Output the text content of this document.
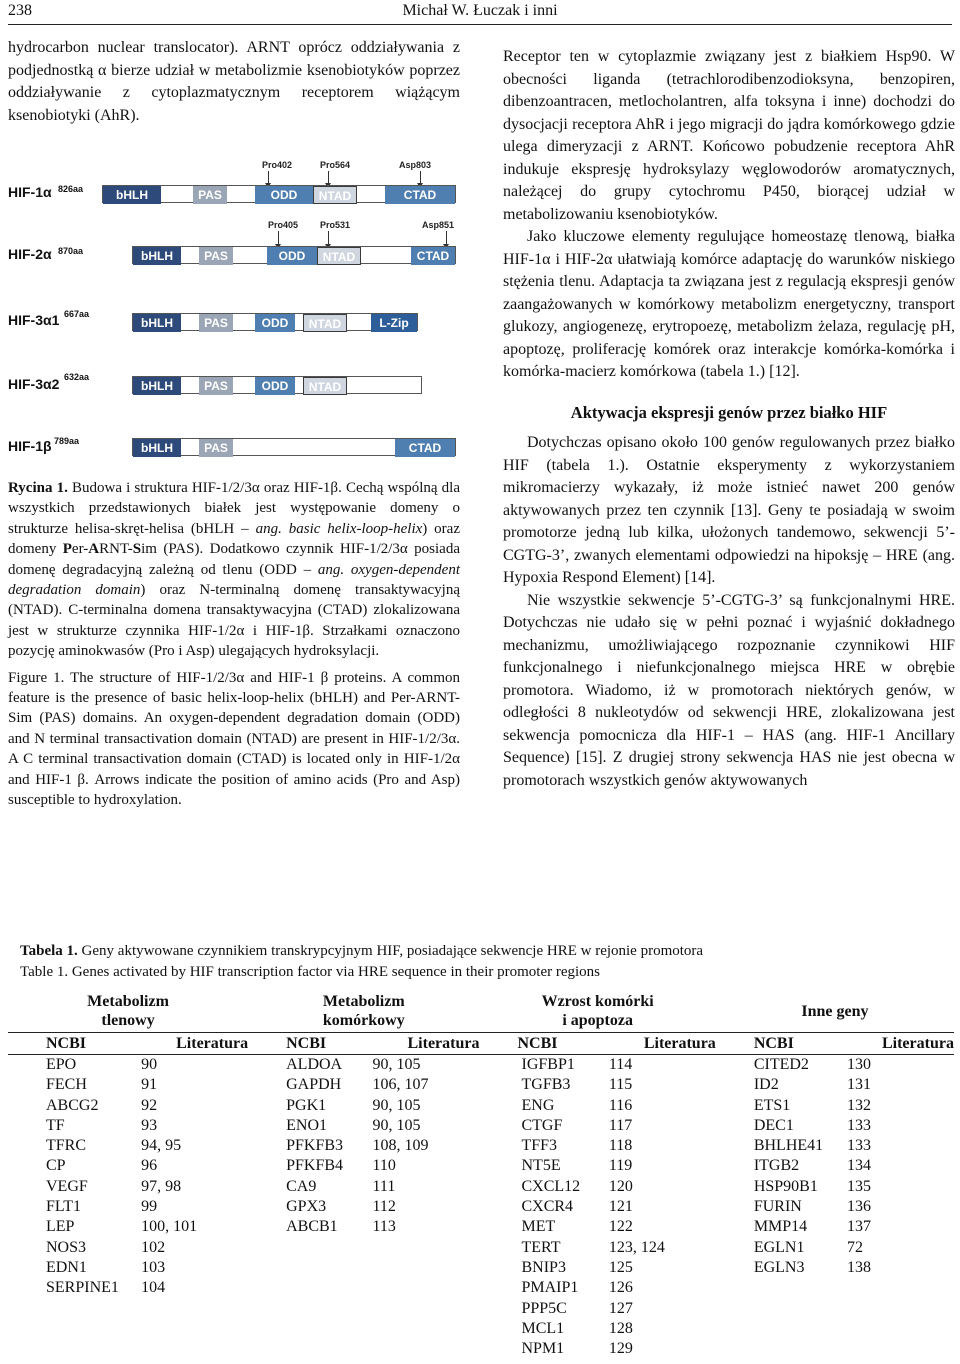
238	Michał W. Łuczak i inni

hydrocarbon nuclear translocator). ARNT oprócz oddziaływania z podjednostką α bierze udział w metabolizmie ksenobiotyków poprzez oddziaływanie z cytoplazmatycznym receptorem wiążącym ksenobiotyki (AhR).

Pro402	Pro564	Asp803
HIF-1α 826aa	bHLH	PAS	ODD	NTAD	CTAD
Pro405 Pro531	Asp851
HIF-2α 870aa	bHLH	PAS	ODD	NTAD	CTAD
HIF-3α1 667aa
bHLH	PAS	ODD	NTAD	L-Zip
HIF-3α2 632aa
bHLH	PAS	ODD	NTAD
HIF-1β 789aa	bHLH	PAS	CTAD

Rycina 1. Budowa i struktura HIF-1/2/3α oraz HIF-1β. Cechą wspólną dla wszystkich przedstawionych białek jest występowanie domeny o strukturze helisa-skręt-helisa (bHLH – ang. basic helix-loop-helix) oraz domeny Per-ARNT-Sim (PAS). Dodatkowo czynnik HIF-1/2/3α posiada domenę degradacyjną zależną od tlenu (ODD – ang. oxygen-dependent degradation domain) oraz N-terminalną domenę transaktywacyjną (NTAD). C-terminalna domena transaktywacyjna (CTAD) zlokalizowana jest w strukturze czynnika HIF-1/2α i HIF-1β. Strzałkami oznaczono pozycję aminokwasów (Pro i Asp) ulegających hydroksylacji.

Figure 1. The structure of HIF-1/2/3α and HIF-1 β proteins. A common feature is the presence of basic helix-loop-helix (bHLH) and Per-ARNT-Sim (PAS) domains. An oxygen-dependent degradation domain (ODD) and N terminal transactivation domain (NTAD) are present in HIF-1/2/3α. A C terminal transactivation domain (CTAD) is located only in HIF-1/2α and HIF-1 β. Arrows indicate the position of amino acids (Pro and Asp) susceptible to hydroxylation.

Receptor ten w cytoplazmie związany jest z białkiem Hsp90. W obecności liganda (tetrachlorodibenzodioksyna, benzopiren, dibenzoantracen, metlocholantren, alfa toksyna i inne) dochodzi do dysocjacji receptora AhR i jego migracji do jądra komórkowego gdzie ulega dimeryzacji z ARNT. Końcowo pobudzenie receptora AhR indukuje ekspresję hydroksylazy węglowodorów aromatycznych, należącej do grupy cytochromu P450, biorącej udział w metabolizowaniu ksenobiotyków.

Jako kluczowe elementy regulujące homeostazę tlenową, białka HIF-1α i HIF-2α ułatwiają komórce adaptację do warunków niskiego stężenia tlenu. Adaptacja ta związana jest z regulacją ekspresji genów zaangażowanych w komórkowy metabolizm energetyczny, transport glukozy, angiogenezę, erytropoezę, metabolizm żelaza, regulację pH, apoptozę, proliferację komórek oraz interakcje komórka-komórka i komórka-macierz komórkowa (tabela 1.) [12].

Aktywacja ekspresji genów przez białko HIF

Dotychczas opisano około 100 genów regulowanych przez białko HIF (tabela 1.). Ostatnie eksperymenty z wykorzystaniem mikromacierzy wykazały, iż może istnieć nawet 200 genów aktywowanych przez ten czynnik [13]. Geny te posiadają w swoim promotorze jedną lub kilka, ułożonych tandemowo, sekwencji 5’-CGTG-3’, zwanych elementami odpowiedzi na hipoksję – HRE (ang. Hypoxia Respond Element) [14].

Nie wszystkie sekwencje 5’-CGTG-3’ są funkcjonalnymi HRE. Dotychczas nie udało się w pełni poznać i wyjaśnić dokładnego mechanizmu, umożliwiającego rozpoznanie czynnikowi HIF funkcjonalnego i niefunkcjonalnego miejsca HRE w obrębie promotora. Wiadomo, iż w promotorach niektórych genów, w odległości 8 nukleotydów od sekwencji HRE, zlokalizowana jest sekwencja pomocnicza dla HIF-1 – HAS (ang. HIF-1 Ancillary Sequence) [15]. Z drugiej strony sekwencja HAS nie jest obecna w promotorach wszystkich genów aktywowanych

Tabela 1. Geny aktywowane czynnikiem transkrypcyjnym HIF, posiadające sekwencje HRE w rejonie promotora
Table 1. Genes activated by HIF transcription factor via HRE sequence in their promoter regions
Metabolizm
tlenowy		Metabolizm
komórkowy		Wzrost komórki
i apoptoza		Inne geny	
NCBI	Literatura	NCBI	Literatura	NCBI	Literatura	NCBI	Literatura
EPO	90	ALDOA	90, 105	IGFBP1	114	CITED2	130
FECH	91	GAPDH	106, 107	TGFB3	115	ID2	131
ABCG2	92	PGK1	90, 105	ENG	116	ETS1	132
TF	93	ENO1	90, 105	CTGF	117	DEC1	133
TFRC	94, 95	PFKFB3	108, 109	TFF3	118	BHLHE41	133
CP	96	PFKFB4	110	NT5E	119	ITGB2	134
VEGF	97, 98	CA9	111	CXCL12	120	HSP90B1	135
FLT1	99	GPX3	112	CXCR4	121	FURIN	136
LEP	100, 101	ABCB1	113	MET	122	MMP14	137
NOS3	102			TERT	123, 124	EGLN1	72
EDN1	103			BNIP3	125	EGLN3	138
SERPINE1	104			PMAIP1	126		
				PPP5C	127		
				MCL1	128		
				NPM1	129		
